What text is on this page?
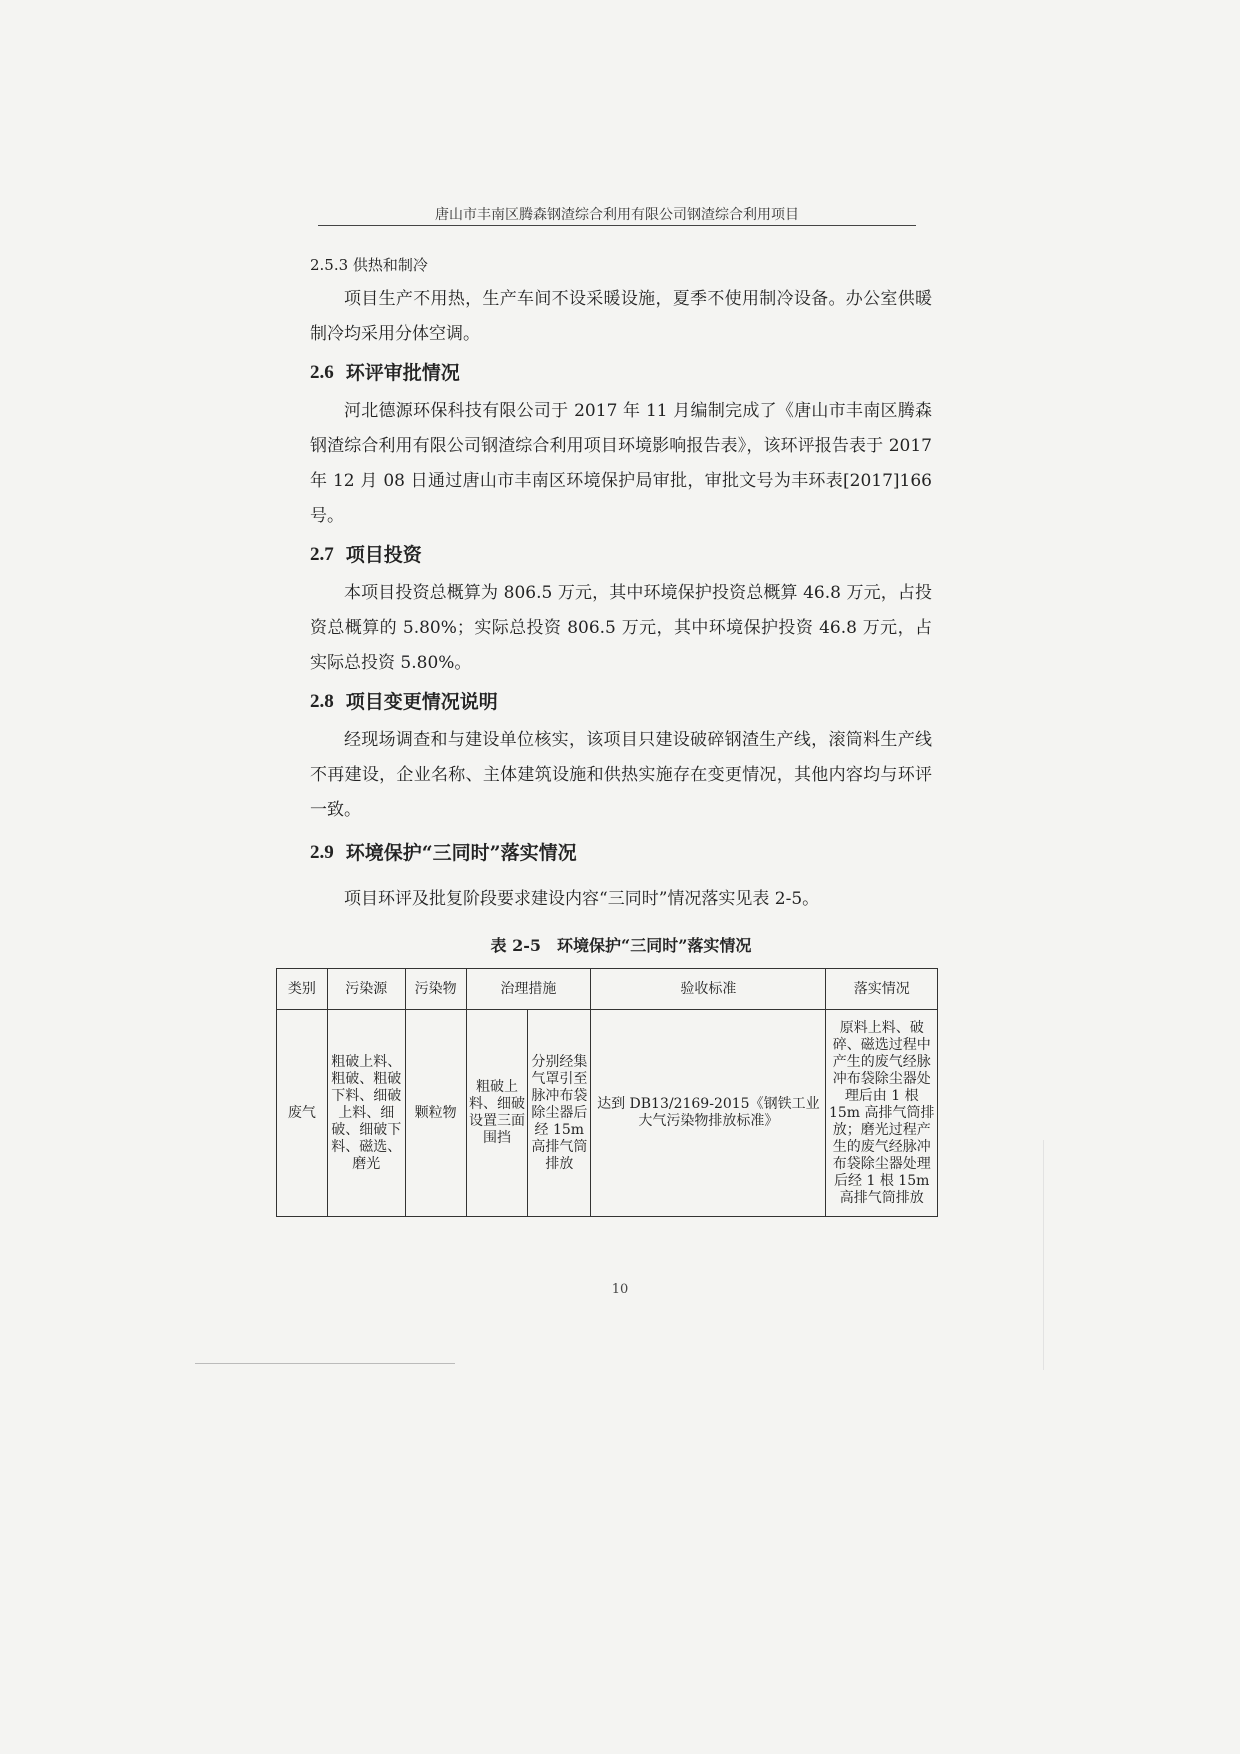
唐山市丰南区腾森钢渣综合利用有限公司钢渣综合利用项目
2.5.3 供热和制冷

项目生产不用热，生产车间不设采暖设施，夏季不使用制冷设备。办公室供暖制冷均采用分体空调。

2.6 环评审批情况

河北德源环保科技有限公司于 2017 年 11 月编制完成了《唐山市丰南区腾森钢渣综合利用有限公司钢渣综合利用项目环境影响报告表》，该环评报告表于 2017 年 12 月 08 日通过唐山市丰南区环境保护局审批，审批文号为丰环表[2017]166 号。

2.7 项目投资

本项目投资总概算为 806.5 万元，其中环境保护投资总概算 46.8 万元，占投资总概算的 5.80%；实际总投资 806.5 万元，其中环境保护投资 46.8 万元，占实际总投资 5.80%。

2.8 项目变更情况说明

经现场调查和与建设单位核实，该项目只建设破碎钢渣生产线，滚筒料生产线不再建设，企业名称、主体建筑设施和供热实施存在变更情况，其他内容均与环评一致。

2.9 环境保护“三同时”落实情况

项目环评及批复阶段要求建设内容“三同时”情况落实见表 2-5。

表 2-5　环境保护“三同时”落实情况
类别	污染源	污染物	治理措施		验收标准	落实情况
废气	粗破上料、粗破、粗破下料、细破上料、细破、细破下料、磁选、磨光	颗粒物	粗破上料、细破设置三面围挡	分别经集气罩引至脉冲布袋除尘器后经 15m 高排气筒排放	达到 DB13/2169-2015《钢铁工业大气污染物排放标准》	原料上料、破碎、磁选过程中产生的废气经脉冲布袋除尘器处理后由 1 根 15m 高排气筒排放；磨光过程产生的废气经脉冲布袋除尘器处理后经 1 根 15m 高排气筒排放
10
